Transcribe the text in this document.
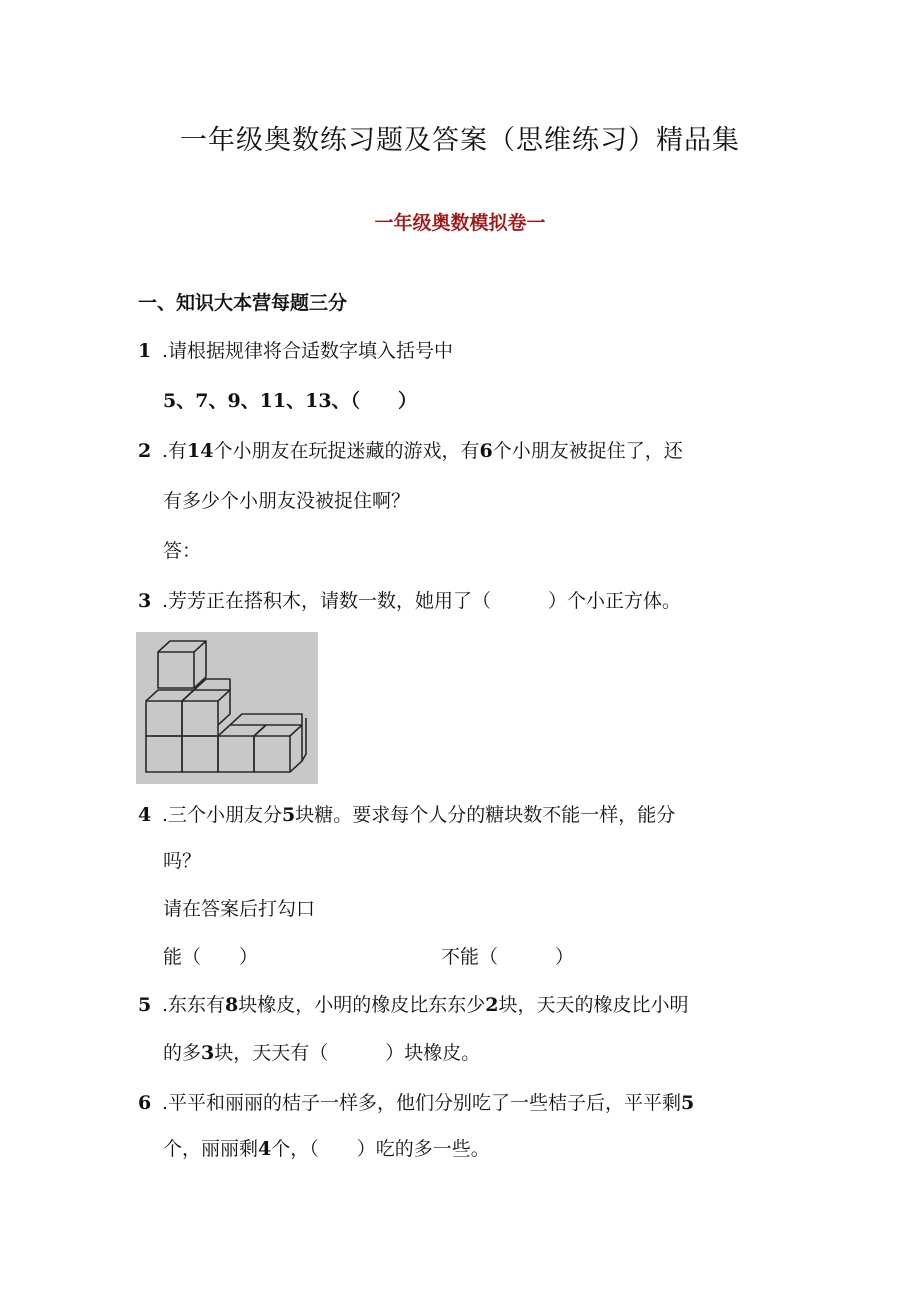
一年级奥数练习题及答案（思维练习）精品集
一年级奥数模拟卷一
一、知识大本营每题三分
1 .请根据规律将合适数字填入括号中
5、7、9、11、13、（　　）
2 .有14个小朋友在玩捉迷藏的游戏，有6个小朋友被捉住了，还
有多少个小朋友没被捉住啊？
答：
3 .芳芳正在搭积木，请数一数，她用了（　　　）个小正方体。
4 .三个小朋友分5块糖。要求每个人分的糖块数不能一样，能分
吗？
请在答案后打勾口
能（　　）	不能（　　　）
5 .东东有8块橡皮，小明的橡皮比东东少2块，天天的橡皮比小明
的多3块，天天有（　　　）块橡皮。
6 .平平和丽丽的桔子一样多，他们分别吃了一些桔子后，平平剩5
个，丽丽剩4个，（　　）吃的多一些。
